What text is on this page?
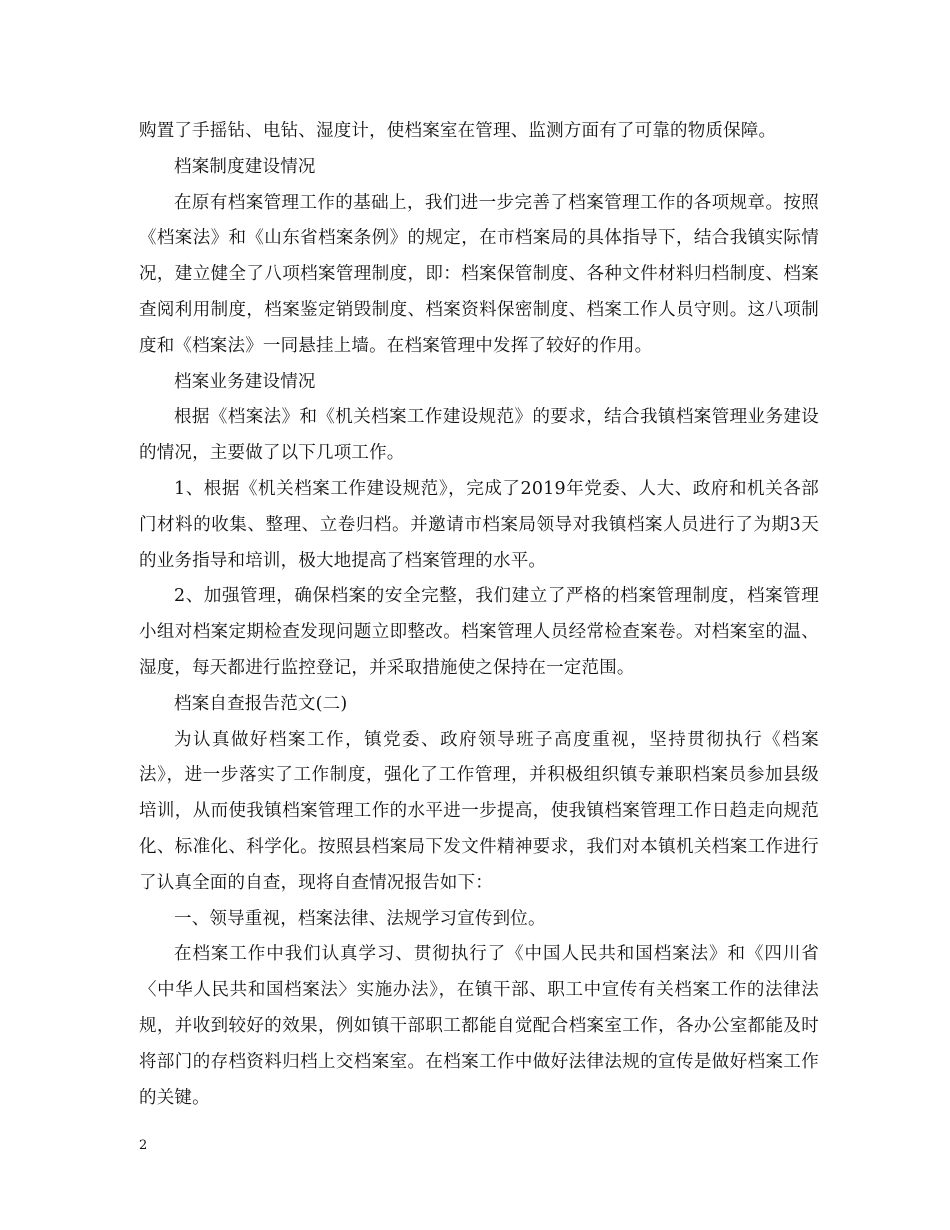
购置了手摇钻、电钻、湿度计，使档案室在管理、监测方面有了可靠的物质保障。

档案制度建设情况

在原有档案管理工作的基础上，我们进一步完善了档案管理工作的各项规章。按照《档案法》和《山东省档案条例》的规定，在市档案局的具体指导下，结合我镇实际情况，建立健全了八项档案管理制度，即：档案保管制度、各种文件材料归档制度、档案查阅利用制度，档案鉴定销毁制度、档案资料保密制度、档案工作人员守则。这八项制度和《档案法》一同悬挂上墙。在档案管理中发挥了较好的作用。

档案业务建设情况

根据《档案法》和《机关档案工作建设规范》的要求，结合我镇档案管理业务建设的情况，主要做了以下几项工作。

1、根据《机关档案工作建设规范》，完成了2019年党委、人大、政府和机关各部门材料的收集、整理、立卷归档。并邀请市档案局领导对我镇档案人员进行了为期3天的业务指导和培训，极大地提高了档案管理的水平。

2、加强管理，确保档案的安全完整，我们建立了严格的档案管理制度，档案管理小组对档案定期检查发现问题立即整改。档案管理人员经常检查案卷。对档案室的温、湿度，每天都进行监控登记，并采取措施使之保持在一定范围。

档案自查报告范文(二)

为认真做好档案工作，镇党委、政府领导班子高度重视，坚持贯彻执行《档案法》，进一步落实了工作制度，强化了工作管理，并积极组织镇专兼职档案员参加县级培训，从而使我镇档案管理工作的水平进一步提高，使我镇档案管理工作日趋走向规范化、标准化、科学化。按照县档案局下发文件精神要求，我们对本镇机关档案工作进行了认真全面的自查，现将自查情况报告如下：

一、领导重视，档案法律、法规学习宣传到位。

在档案工作中我们认真学习、贯彻执行了《中国人民共和国档案法》和《四川省〈中华人民共和国档案法〉实施办法》，在镇干部、职工中宣传有关档案工作的法律法规，并收到较好的效果，例如镇干部职工都能自觉配合档案室工作，各办公室都能及时将部门的存档资料归档上交档案室。在档案工作中做好法律法规的宣传是做好档案工作的关键。

2
